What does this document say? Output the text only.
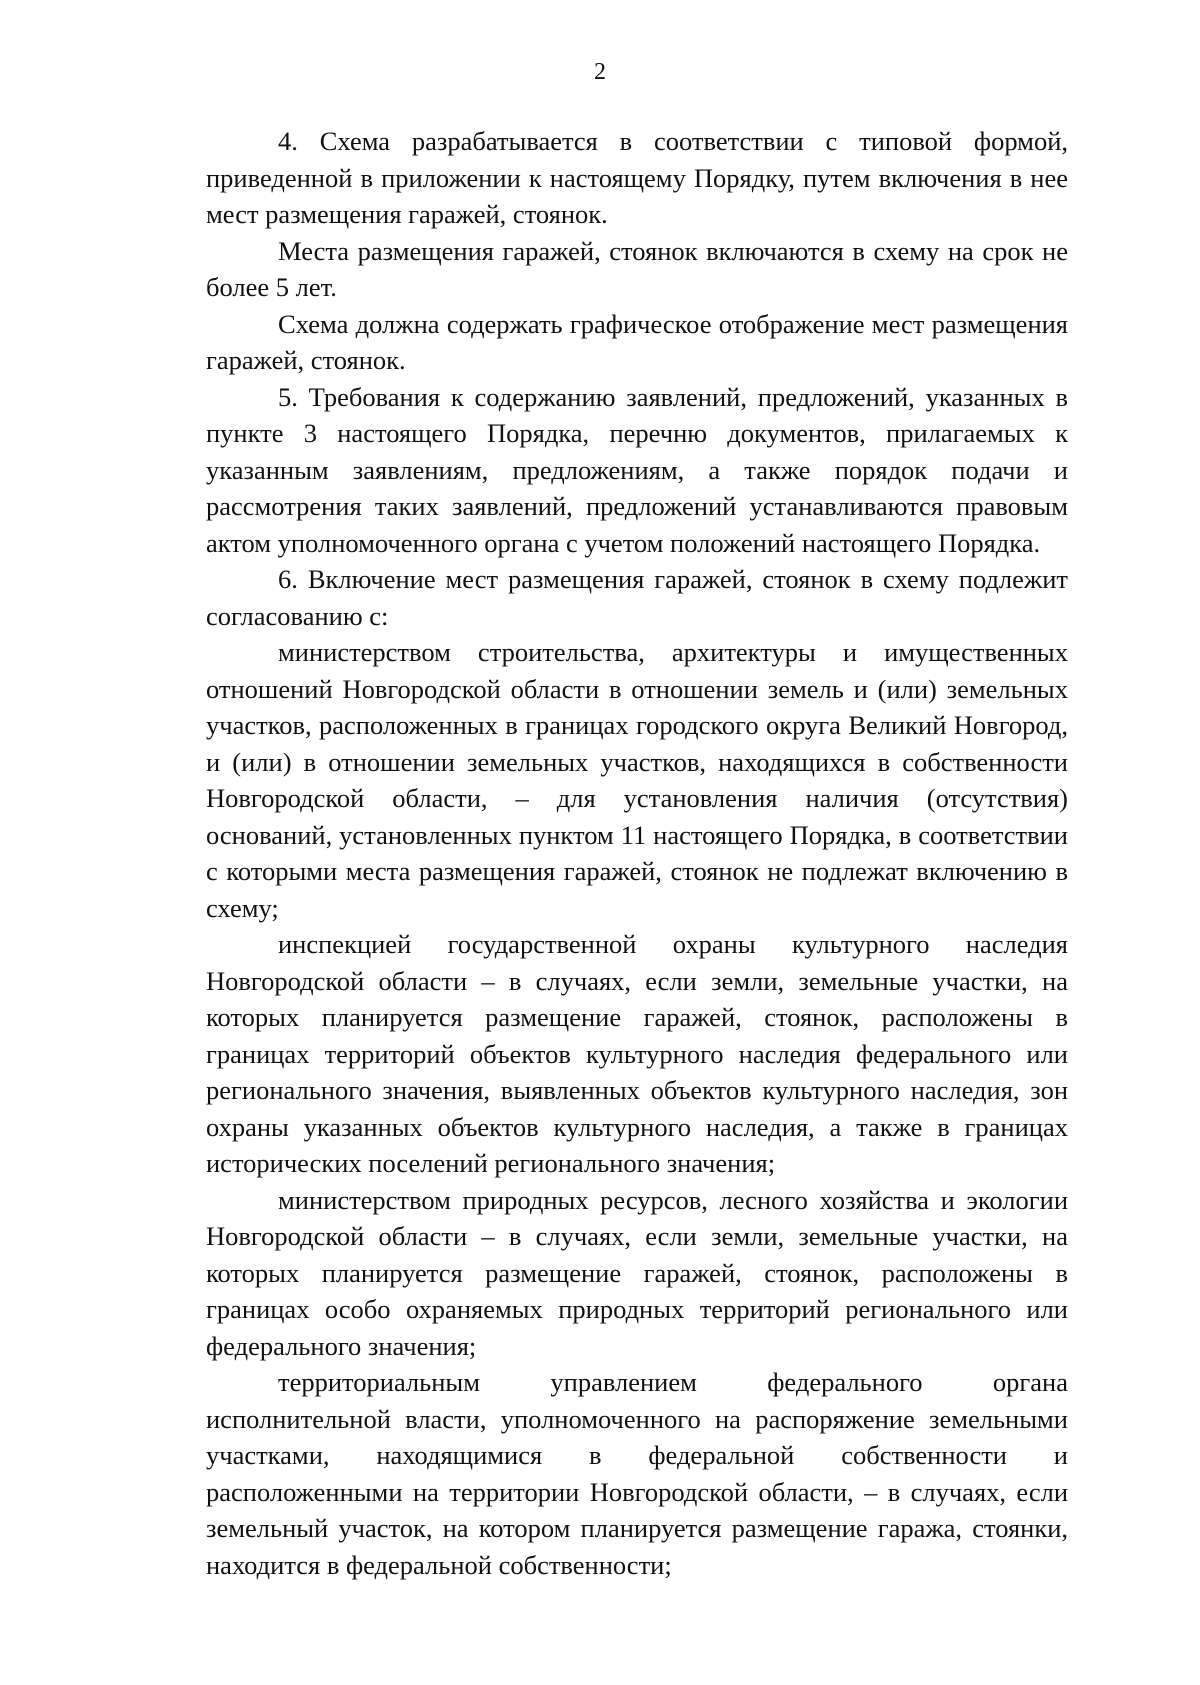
2

4. Схема разрабатывается в соответствии с типовой формой, приведенной в приложении к настоящему Порядку, путем включения в нее мест размещения гаражей, стоянок.

Места размещения гаражей, стоянок включаются в схему на срок не более 5 лет.

Схема должна содержать графическое отображение мест размещения гаражей, стоянок.

5. Требования к содержанию заявлений, предложений, указанных в пункте 3 настоящего Порядка, перечню документов, прилагаемых к указанным заявлениям, предложениям, а также порядок подачи и рассмотрения таких заявлений, предложений устанавливаются правовым актом уполномоченного органа с учетом положений настоящего Порядка.

6. Включение мест размещения гаражей, стоянок в схему подлежит согласованию с:

министерством строительства, архитектуры и имущественных отношений Новгородской области в отношении земель и (или) земельных участков, расположенных в границах городского округа Великий Новгород, и (или) в отношении земельных участков, находящихся в собственности Новгородской области, – для установления наличия (отсутствия) оснований, установленных пунктом 11 настоящего Порядка, в соответствии с которыми места размещения гаражей, стоянок не подлежат включению в схему;

инспекцией государственной охраны культурного наследия Новгородской области – в случаях, если земли, земельные участки, на которых планируется размещение гаражей, стоянок, расположены в границах территорий объектов культурного наследия федерального или регионального значения, выявленных объектов культурного наследия, зон охраны указанных объектов культурного наследия, а также в границах исторических поселений регионального значения;

министерством природных ресурсов, лесного хозяйства и экологии Новгородской области – в случаях, если земли, земельные участки, на которых планируется размещение гаражей, стоянок, расположены в границах особо охраняемых природных территорий регионального или федерального значения;

территориальным управлением федерального органа исполнительной власти, уполномоченного на распоряжение земельными участками, находящимися в федеральной собственности и расположенными на территории Новгородской области, – в случаях, если земельный участок, на котором планируется размещение гаража, стоянки, находится в федеральной собственности;
